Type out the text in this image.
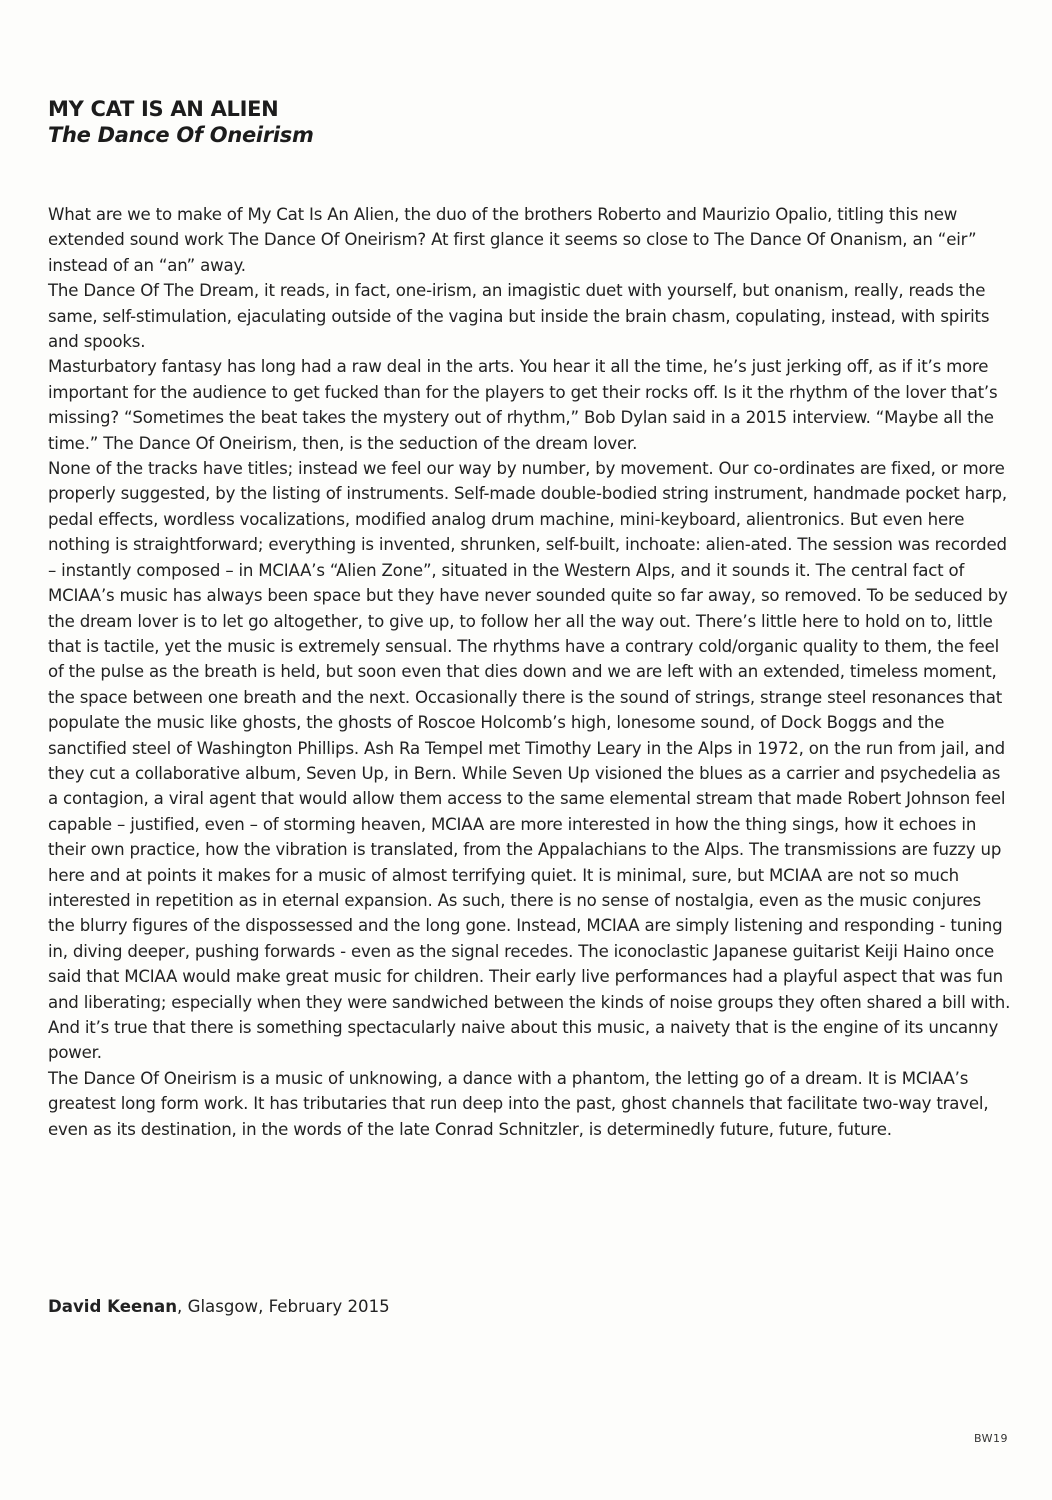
MY CAT IS AN ALIEN
The Dance Of Oneirism

What are we to make of My Cat Is An Alien, the duo of the brothers Roberto and Maurizio Opalio, titling this new extended sound work The Dance Of Oneirism? At first glance it seems so close to The Dance Of Onanism, an “eir” instead of an “an” away.

The Dance Of The Dream, it reads, in fact, one-irism, an imagistic duet with yourself, but onanism, really, reads the same, self-stimulation, ejaculating outside of the vagina but inside the brain chasm, copulating, instead, with spirits and spooks.

Masturbatory fantasy has long had a raw deal in the arts. You hear it all the time, he’s just jerking off, as if it’s more important for the audience to get fucked than for the players to get their rocks off. Is it the rhythm of the lover that’s missing? “Sometimes the beat takes the mystery out of rhythm,” Bob Dylan said in a 2015 interview. “Maybe all the time.” The Dance Of Oneirism, then, is the seduction of the dream lover.

None of the tracks have titles; instead we feel our way by number, by movement. Our co-ordinates are fixed, or more properly suggested, by the listing of instruments. Self-made double-bodied string instrument, handmade pocket harp, pedal effects, wordless vocalizations, modified analog drum machine, mini-keyboard, alientronics. But even here nothing is straightforward; everything is invented, shrunken, self-built, inchoate: alien-ated. The session was recorded – instantly composed – in MCIAA’s “Alien Zone”, situated in the Western Alps, and it sounds it. The central fact of MCIAA’s music has always been space but they have never sounded quite so far away, so removed. To be seduced by the dream lover is to let go altogether, to give up, to follow her all the way out. There’s little here to hold on to, little that is tactile, yet the music is extremely sensual. The rhythms have a contrary cold/organic quality to them, the feel of the pulse as the breath is held, but soon even that dies down and we are left with an extended, timeless moment, the space between one breath and the next. Occasionally there is the sound of strings, strange steel resonances that populate the music like ghosts, the ghosts of Roscoe Holcomb’s high, lonesome sound, of Dock Boggs and the sanctified steel of Washington Phillips. Ash Ra Tempel met Timothy Leary in the Alps in 1972, on the run from jail, and they cut a collaborative album, Seven Up, in Bern. While Seven Up visioned the blues as a carrier and psychedelia as a contagion, a viral agent that would allow them access to the same elemental stream that made Robert Johnson feel capable – justified, even – of storming heaven, MCIAA are more interested in how the thing sings, how it echoes in their own practice, how the vibration is translated, from the Appalachians to the Alps. The transmissions are fuzzy up here and at points it makes for a music of almost terrifying quiet. It is minimal, sure, but MCIAA are not so much interested in repetition as in eternal expansion. As such, there is no sense of nostalgia, even as the music conjures the blurry figures of the dispossessed and the long gone. Instead, MCIAA are simply listening and responding - tuning in, diving deeper, pushing forwards - even as the signal recedes. The iconoclastic Japanese guitarist Keiji Haino once said that MCIAA would make great music for children. Their early live performances had a playful aspect that was fun and liberating; especially when they were sandwiched between the kinds of noise groups they often shared a bill with. And it’s true that there is something spectacularly naive about this music, a naivety that is the engine of its uncanny power.

The Dance Of Oneirism is a music of unknowing, a dance with a phantom, the letting go of a dream. It is MCIAA’s greatest long form work. It has tributaries that run deep into the past, ghost channels that facilitate two-way travel, even as its destination, in the words of the late Conrad Schnitzler, is determinedly future, future, future.

David Keenan, Glasgow, February 2015
BW19
